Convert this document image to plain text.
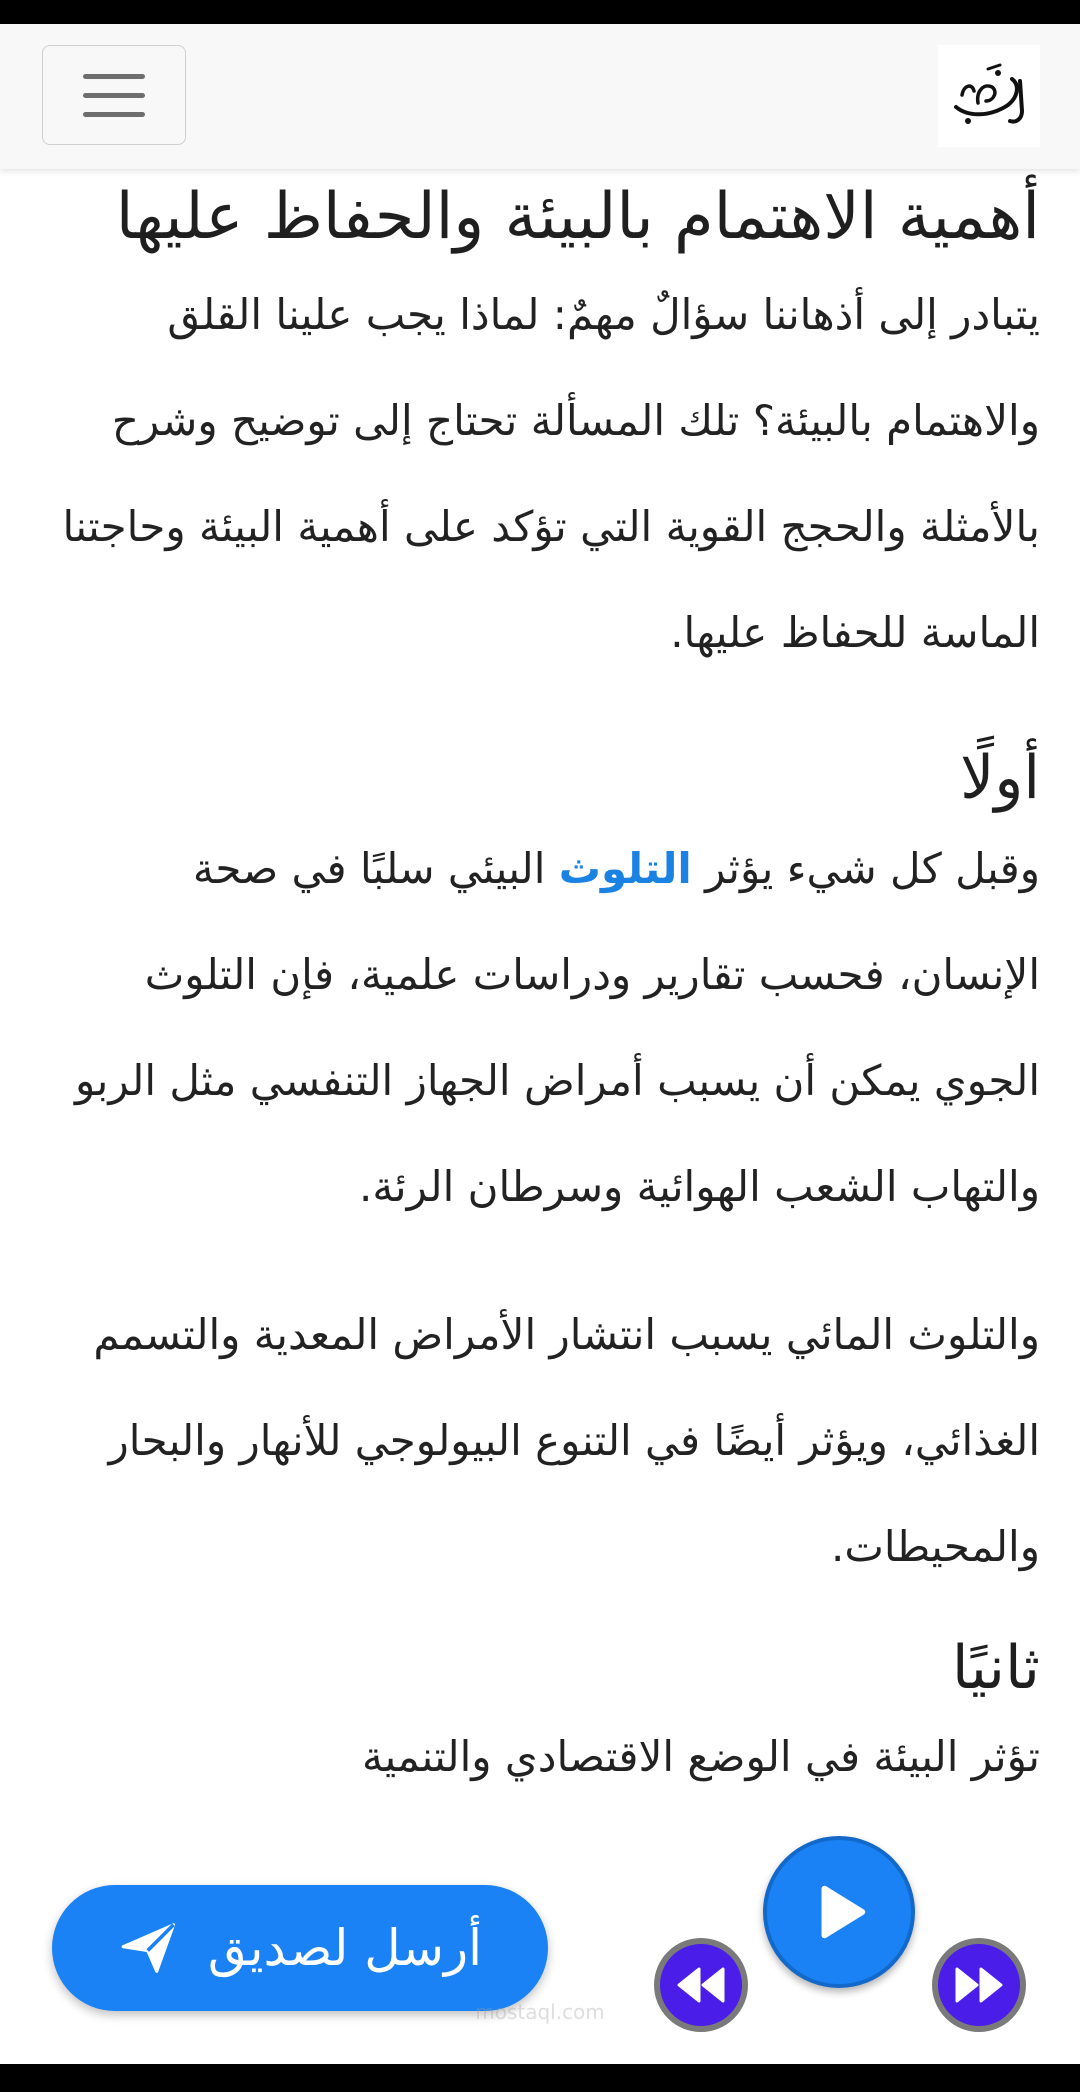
أهمية الاهتمام بالبيئة والحفاظ عليها

يتبادر إلى أذهاننا سؤالٌ مهمٌ: لماذا يجب علينا القلق والاهتمام بالبيئة؟ تلك المسألة تحتاج إلى توضيح وشرح بالأمثلة والحجج القوية التي تؤكد على أهمية البيئة وحاجتنا الماسة للحفاظ عليها.

أولًا

وقبل كل شيء يؤثر التلوث البيئي سلبًا في صحة الإنسان، فحسب تقارير ودراسات علمية، فإن التلوث الجوي يمكن أن يسبب أمراض الجهاز التنفسي مثل الربو والتهاب الشعب الهوائية وسرطان الرئة.

والتلوث المائي يسبب انتشار الأمراض المعدية والتسمم الغذائي، ويؤثر أيضًا في التنوع البيولوجي للأنهار والبحار والمحيطات.

ثانيًا

تؤثر البيئة في الوضع الاقتصادي والتنمية

أرسل لصديق
mostaql.com
